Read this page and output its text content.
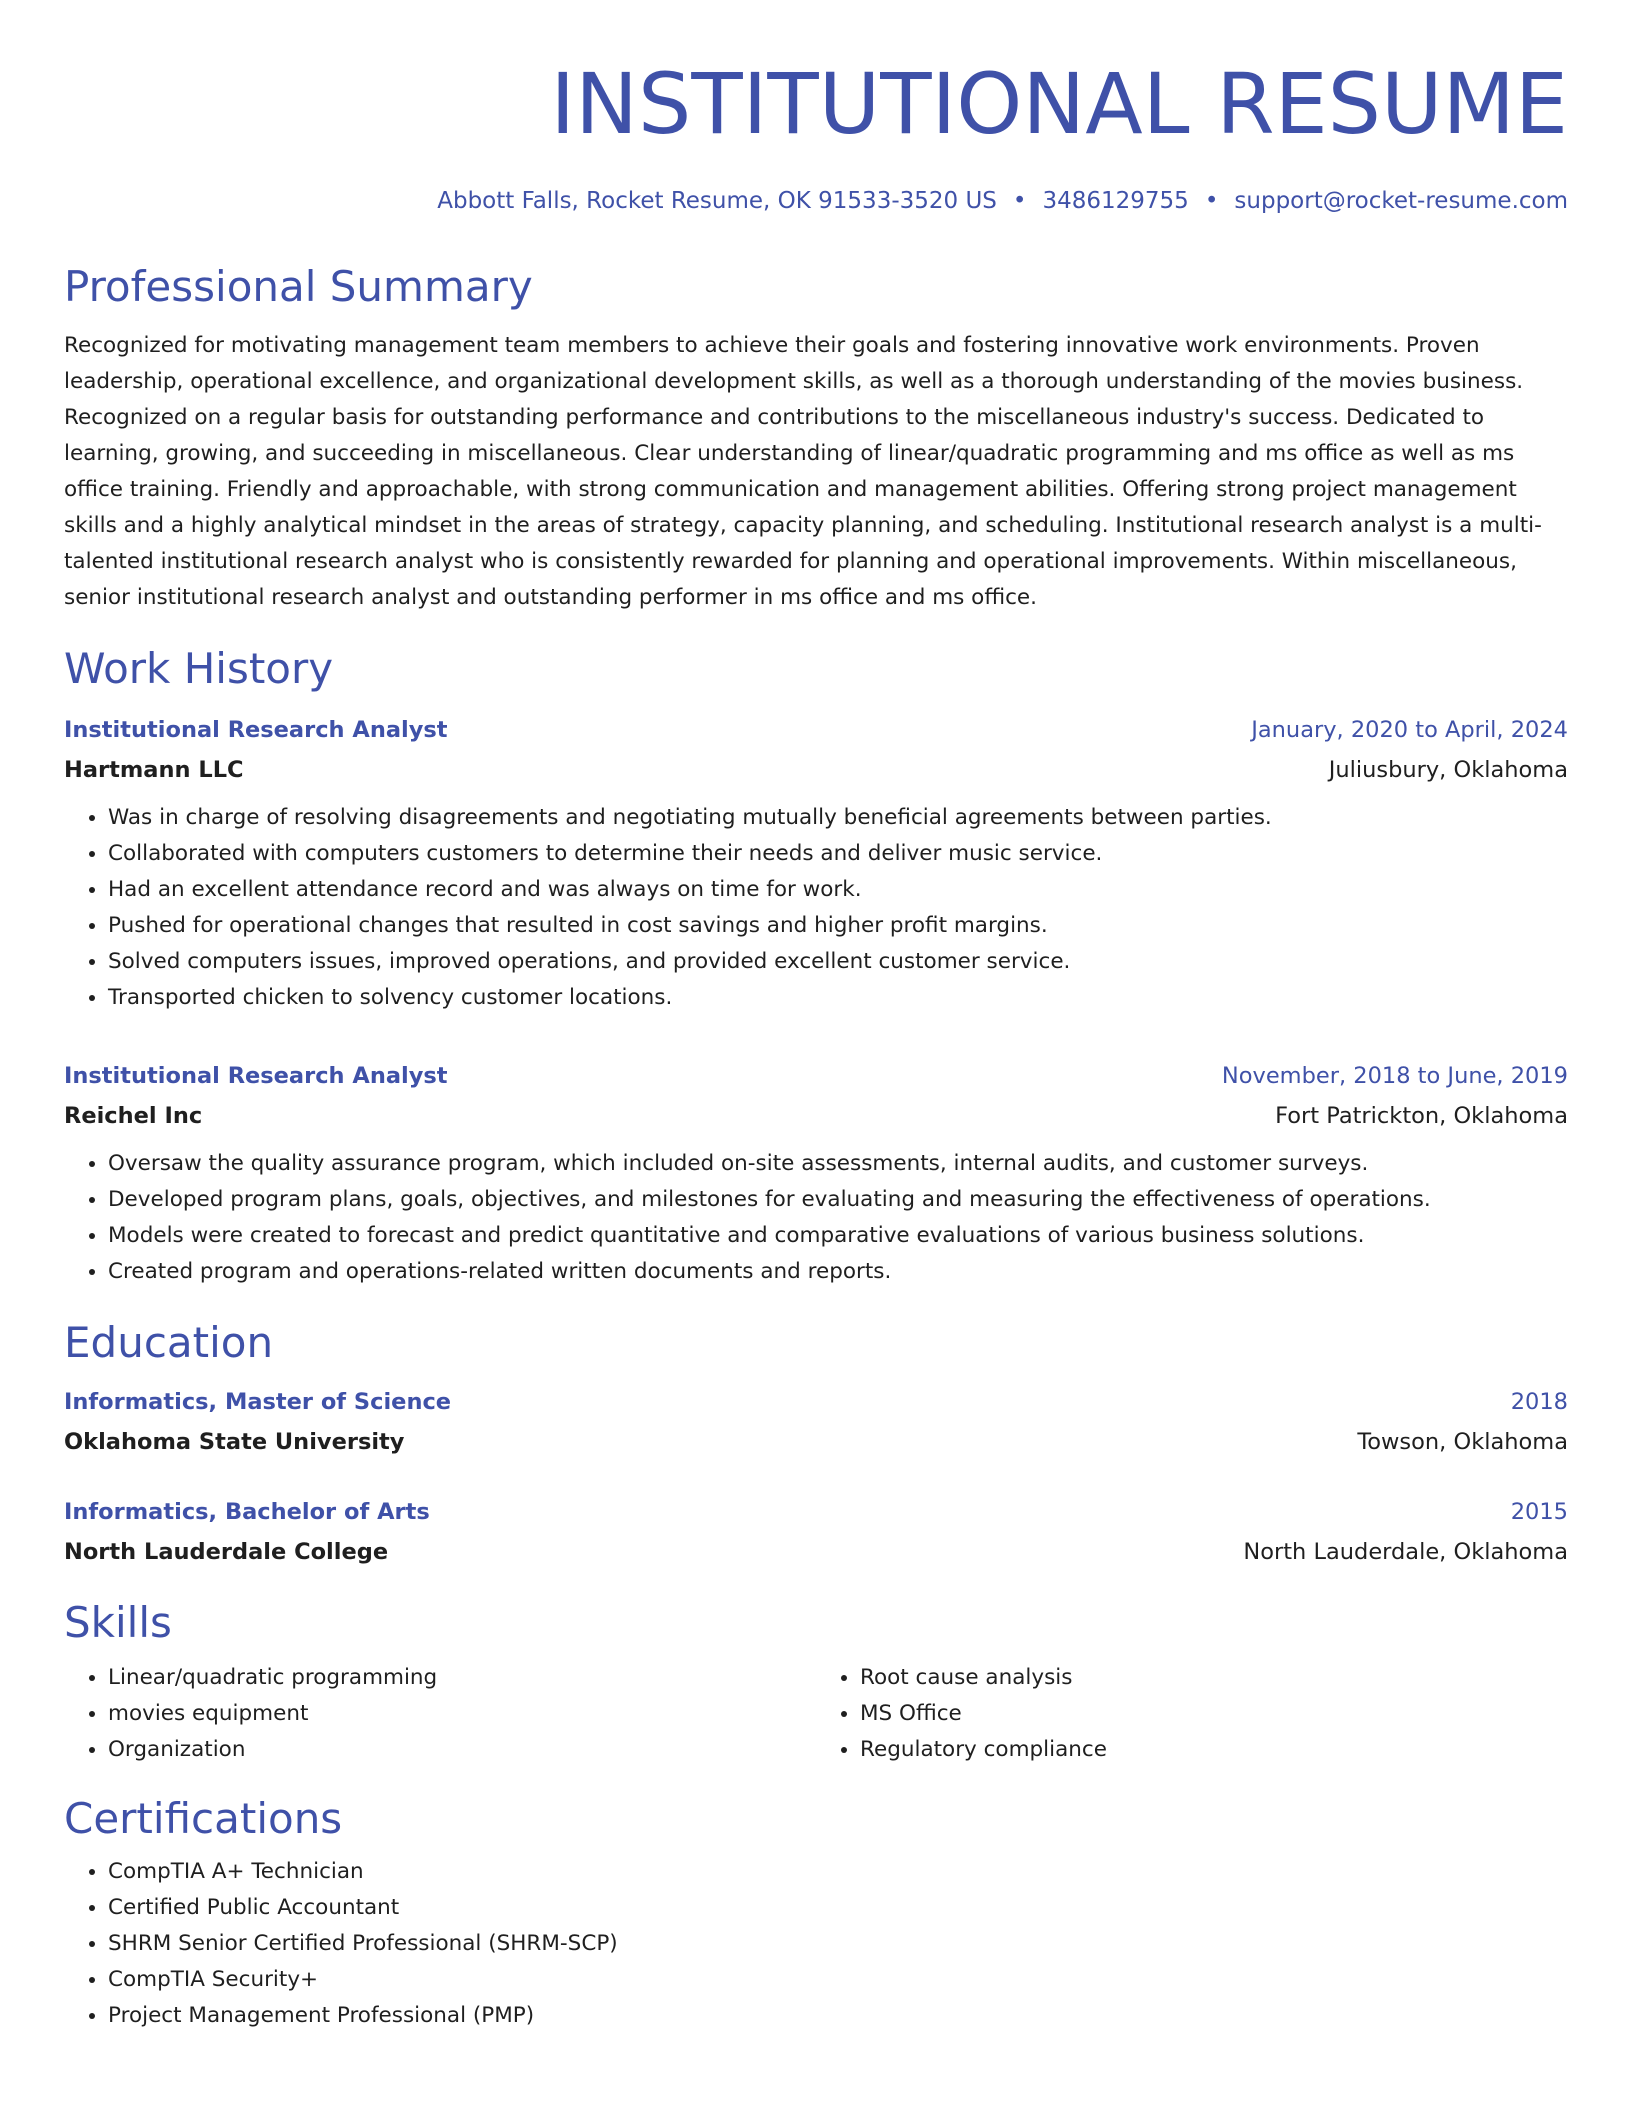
INSTITUTIONAL RESUME
Abbott Falls, Rocket Resume, OK 91533-3520 US • 3486129755 • support@rocket-resume.com
Professional Summary
Recognized for motivating management team members to achieve their goals and fostering innovative work environments. Proven leadership, operational excellence, and organizational development skills, as well as a thorough understanding of the movies business. Recognized on a regular basis for outstanding performance and contributions to the miscellaneous industry's success. Dedicated to learning, growing, and succeeding in miscellaneous. Clear understanding of linear/quadratic programming and ms office as well as ms office training. Friendly and approachable, with strong communication and management abilities. Offering strong project management skills and a highly analytical mindset in the areas of strategy, capacity planning, and scheduling. Institutional research analyst is a multi-talented institutional research analyst who is consistently rewarded for planning and operational improvements. Within miscellaneous, senior institutional research analyst and outstanding performer in ms office and ms office.
Work History
Institutional Research Analyst	January, 2020 to April, 2024
Hartmann LLC	Juliusbury, Oklahoma
• Was in charge of resolving disagreements and negotiating mutually beneficial agreements between parties.
• Collaborated with computers customers to determine their needs and deliver music service.
• Had an excellent attendance record and was always on time for work.
• Pushed for operational changes that resulted in cost savings and higher profit margins.
• Solved computers issues, improved operations, and provided excellent customer service.
• Transported chicken to solvency customer locations.
Institutional Research Analyst	November, 2018 to June, 2019
Reichel Inc	Fort Patrickton, Oklahoma
• Oversaw the quality assurance program, which included on-site assessments, internal audits, and customer surveys.
• Developed program plans, goals, objectives, and milestones for evaluating and measuring the effectiveness of operations.
• Models were created to forecast and predict quantitative and comparative evaluations of various business solutions.
• Created program and operations-related written documents and reports.
Education
Informatics, Master of Science	2018
Oklahoma State University	Towson, Oklahoma
Informatics, Bachelor of Arts	2015
North Lauderdale College	North Lauderdale, Oklahoma
Skills
• Linear/quadratic programming
• movies equipment
• Organization
• Root cause analysis
• MS Office
• Regulatory compliance
Certifications
• CompTIA A+ Technician
• Certified Public Accountant
• SHRM Senior Certified Professional (SHRM-SCP)
• CompTIA Security+
• Project Management Professional (PMP)
